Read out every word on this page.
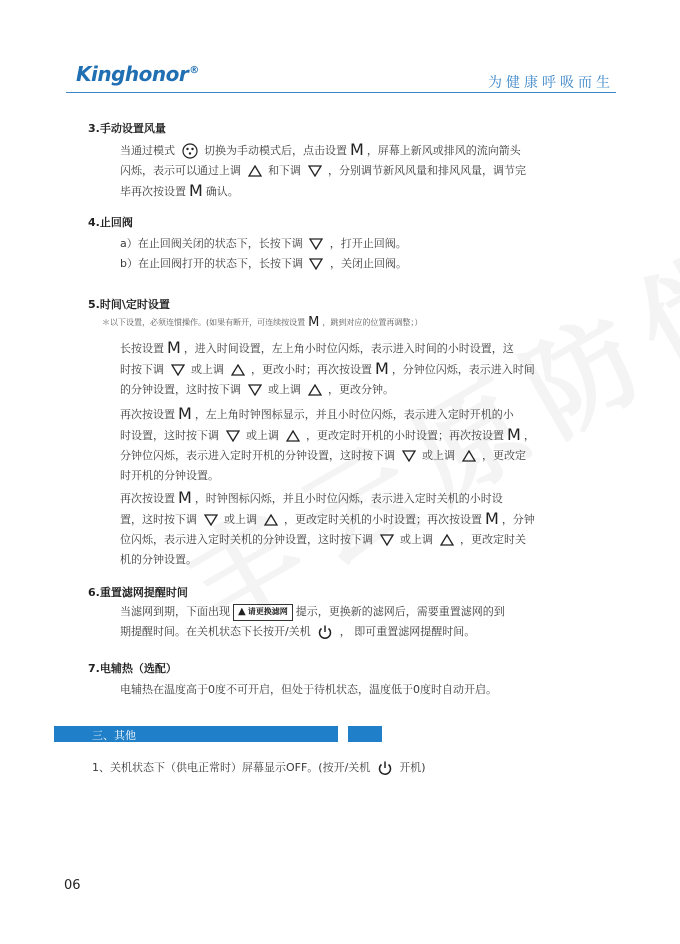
Kinghonor®
为健康呼吸而生
3.手动设置风量
当通过模式	切换为手动模式后，点击设置 M ，屏幕上新风或排风的流向箭头
闪烁，表示可以通过上调 和下调 ，分别调节新风风量和排风风量，调节完
毕再次按设置 M 确认。
4.止回阀
a）在止回阀关闭的状态下，长按下调 ，打开止回阀。
b）在止回阀打开的状态下，长按下调 ，关闭止回阀。
5.时间\定时设置
＊以下设置，必须连惯操作。(如果有断开，可连续按设置 M ，跳到对应的位置再调整；）
长按设置 M ，进入时间设置，左上角小时位闪烁，表示进入时间的小时设置，这
时按下调 或上调 ，更改小时；再次按设置 M ，分钟位闪烁，表示进入时间
的分钟设置，这时按下调 或上调 ，更改分钟。
再次按设置 M ，左上角时钟图标显示，并且小时位闪烁，表示进入定时开机的小
时设置，这时按下调 或上调 ，更改定时开机的小时设置；再次按设置 M ，
分钟位闪烁，表示进入定时开机的分钟设置，这时按下调 或上调 ，更改定
时开机的分钟设置。
再次按设置 M ，时钟图标闪烁，并且小时位闪烁，表示进入定时关机的小时设
置，这时按下调 或上调 ，更改定时关机的小时设置；再次按设置 M ，分钟
位闪烁，表示进入定时关机的分钟设置，这时按下调 或上调 ，更改定时关
机的分钟设置。
6.重置滤网提醒时间
当滤网到期，下面出现 ▲ 请更换滤网 提示，更换新的滤网后，需要重置滤网的到
期提醒时间。在关机状态下长按开/关机	， 即可重置滤网提醒时间。
7.电辅热（选配）
电辅热在温度高于0度不可开启，但处于待机状态，温度低于0度时自动开启。
三、其他
1、关机状态下（供电正常时）屏幕显示OFF。(按开/关机	开机)
06
